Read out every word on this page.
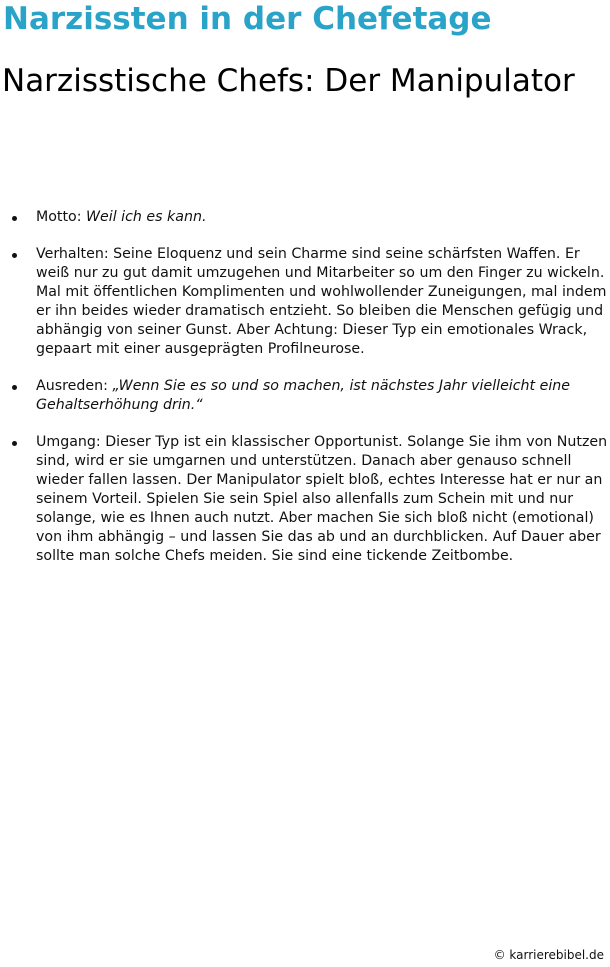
Narzissten in der Chefetage
Narzisstische Chefs: Der Manipulator
Motto: Weil ich es kann.
Verhalten: Seine Eloquenz und sein Charme sind seine schärfsten Waffen. Er weiß nur zu gut damit umzugehen und Mitarbeiter so um den Finger zu wickeln. Mal mit öffentlichen Komplimenten und wohlwollender Zuneigungen, mal indem er ihn beides wieder dramatisch entzieht. So bleiben die Menschen gefügig und abhängig von seiner Gunst. Aber Achtung: Dieser Typ ein emotionales Wrack, gepaart mit einer ausgeprägten Profilneurose.
Ausreden: „Wenn Sie es so und so machen, ist nächstes Jahr vielleicht eine Gehaltserhöhung drin.“
Umgang: Dieser Typ ist ein klassischer Opportunist. Solange Sie ihm von Nutzen sind, wird er sie umgarnen und unterstützen. Danach aber genauso schnell wieder fallen lassen. Der Manipulator spielt bloß, echtes Interesse hat er nur an seinem Vorteil. Spielen Sie sein Spiel also allenfalls zum Schein mit und nur solange, wie es Ihnen auch nutzt. Aber machen Sie sich bloß nicht (emotional) von ihm abhängig – und lassen Sie das ab und an durchblicken. Auf Dauer aber sollte man solche Chefs meiden. Sie sind eine tickende Zeitbombe.
© karrierebibel.de
